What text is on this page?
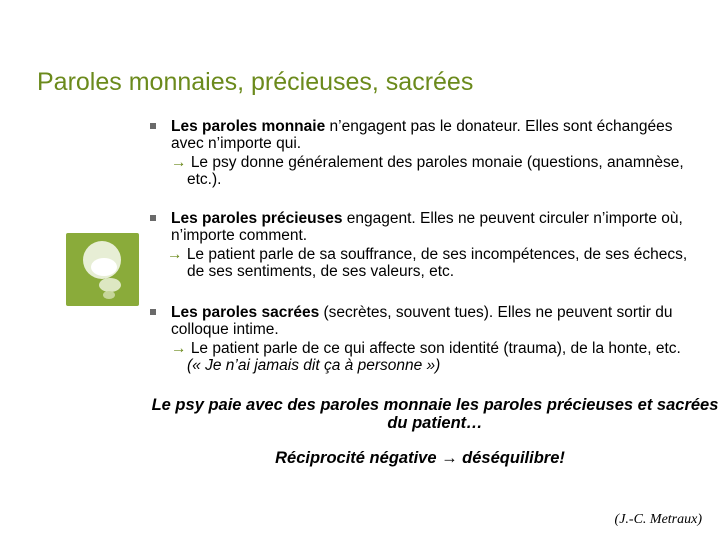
Paroles monnaies, précieuses, sacrées
Les paroles monnaie n’engagent pas le donateur. Elles sont échangées avec n’importe qui.
→ Le psy donne généralement des paroles monaie (questions, anamnèse, etc.).
Les paroles précieuses engagent. Elles ne peuvent circuler n’importe où, n’importe comment.
→ Le patient parle de sa souffrance, de ses incompétences, de ses échecs, de ses sentiments, de ses valeurs, etc.
Les paroles sacrées (secrètes, souvent tues). Elles ne peuvent sortir du colloque intime.
→ Le patient parle de ce qui affecte son identité (trauma), de la honte, etc. (« Je n’ai jamais dit ça à personne »)
Le psy paie avec des paroles monnaie les paroles précieuses et sacrées du patient…
Réciprocité négative → déséquilibre!
(J.-C. Metraux)
